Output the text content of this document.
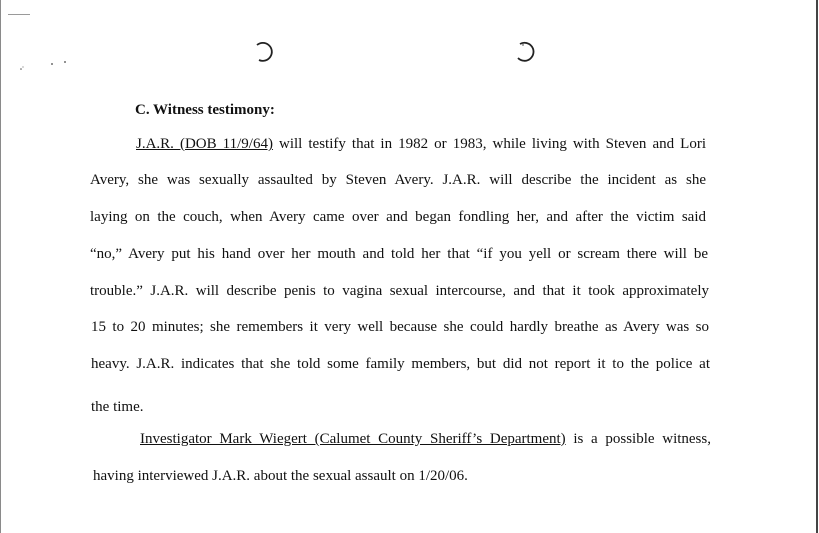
C. Witness testimony:
J.A.R. (DOB 11/9/64) will testify that in 1982 or 1983, while living with Steven and Lori
Avery, she was sexually assaulted by Steven Avery. J.A.R. will describe the incident as she
laying on the couch, when Avery came over and began fondling her, and after the victim said
“no,” Avery put his hand over her mouth and told her that “if you yell or scream there will be
trouble.” J.A.R. will describe penis to vagina sexual intercourse, and that it took approximately
15 to 20 minutes; she remembers it very well because she could hardly breathe as Avery was so
heavy. J.A.R. indicates that she told some family members, but did not report it to the police at
the time.
Investigator Mark Wiegert (Calumet County Sheriff’s Department) is a possible witness,
having interviewed J.A.R. about the sexual assault on 1/20/06.
